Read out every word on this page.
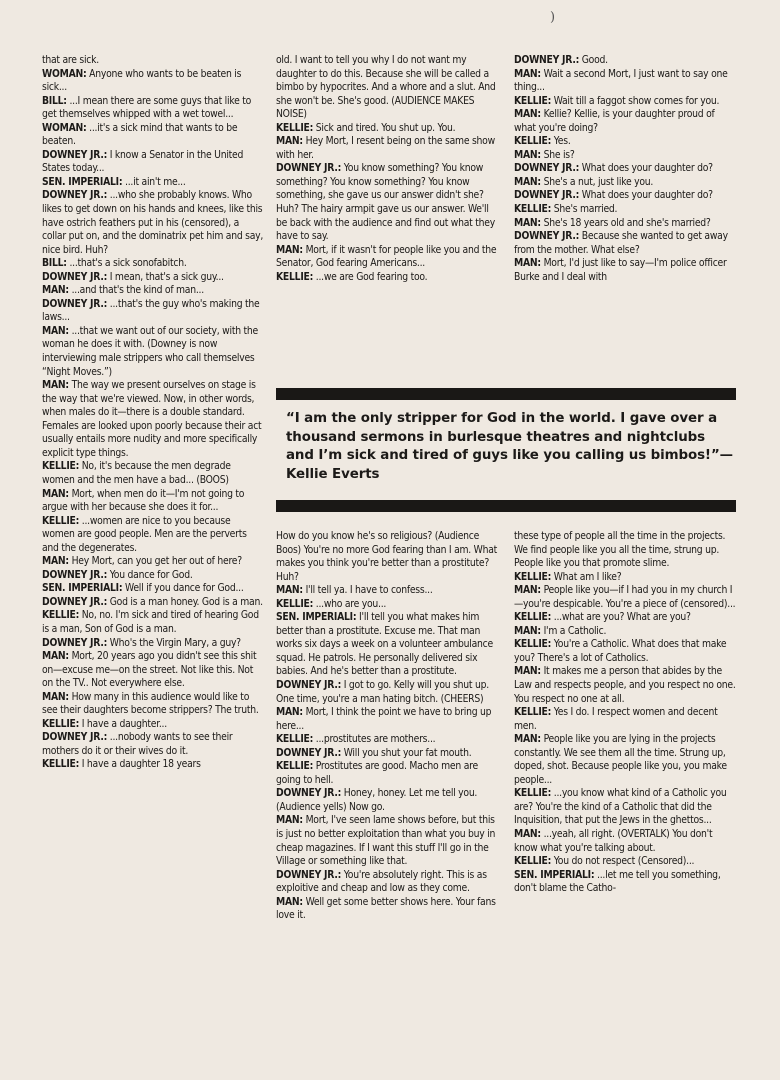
)

that are sick.

WOMAN: Anyone who wants to be beaten is sick...

BILL: ...I mean there are some guys that like to get themselves whipped with a wet towel...

WOMAN: ...it's a sick mind that wants to be beaten.

DOWNEY JR.: I know a Senator in the United States today...

SEN. IMPERIALI: ...it ain't me...

DOWNEY JR.: ...who she probably knows. Who likes to get down on his hands and knees, like this have ostrich feathers put in his (censored), a collar put on, and the dominatrix pet him and say, nice bird. Huh?

BILL: ...that's a sick sonofabitch.

DOWNEY JR.: I mean, that's a sick guy...

MAN: ...and that's the kind of man...

DOWNEY JR.: ...that's the guy who's making the laws...

MAN: ...that we want out of our society, with the woman he does it with. (Downey is now interviewing male strippers who call themselves “Night Moves.”)

MAN: The way we present ourselves on stage is the way that we're viewed. Now, in other words, when males do it—there is a double standard. Females are looked upon poorly because their act usually entails more nudity and more specifically explicit type things.

KELLIE: No, it's because the men degrade women and the men have a bad... (BOOS)

MAN: Mort, when men do it—I'm not going to argue with her because she does it for...

KELLIE: ...women are nice to you because women are good people. Men are the perverts and the degenerates.

MAN: Hey Mort, can you get her out of here?

DOWNEY JR.: You dance for God.

SEN. IMPERIALI: Well if you dance for God...

DOWNEY JR.: God is a man honey. God is a man.

KELLIE: No, no. I'm sick and tired of hearing God is a man, Son of God is a man.

DOWNEY JR.: Who's the Virgin Mary, a guy?

MAN: Mort, 20 years ago you didn't see this shit on—excuse me—on the street. Not like this. Not on the TV.. Not everywhere else.

MAN: How many in this audience would like to see their daughters become strippers? The truth.

KELLIE: I have a daughter...

DOWNEY JR.: ...nobody wants to see their mothers do it or their wives do it.

KELLIE: I have a daughter 18 years

old. I want to tell you why I do not want my daughter to do this. Because she will be called a bimbo by hypocrites. And a whore and a slut. And she won't be. She's good. (AUDIENCE MAKES NOISE)

KELLIE: Sick and tired. You shut up. You.

MAN: Hey Mort, I resent being on the same show with her.

DOWNEY JR.: You know something? You know something? You know something? You know something, she gave us our answer didn't she? Huh? The hairy armpit gave us our answer. We'll be back with the audience and find out what they have to say.

MAN: Mort, if it wasn't for people like you and the Senator, God fearing Americans...

KELLIE: ...we are God fearing too.

DOWNEY JR.: Good.

MAN: Wait a second Mort, I just want to say one thing...

KELLIE: Wait till a faggot show comes for you.

MAN: Kellie? Kellie, is your daughter proud of what you're doing?

KELLIE: Yes.

MAN: She is?

DOWNEY JR.: What does your daughter do?

MAN: She's a nut, just like you.

DOWNEY JR.: What does your daughter do?

KELLIE: She's married.

MAN: She's 18 years old and she's married?

DOWNEY JR.: Because she wanted to get away from the mother. What else?

MAN: Mort, I'd just like to say—I'm police officer Burke and I deal with

“I am the only stripper for God in the world. I gave over a thousand sermons in burlesque theatres and nightclubs and I’m sick and tired of guys like you calling us bimbos!”—Kellie Everts

How do you know he's so religious? (Audience Boos) You're no more God fearing than I am. What makes you think you're better than a prostitute? Huh?

MAN: I'll tell ya. I have to confess...

KELLIE: ...who are you...

SEN. IMPERIALI: I'll tell you what makes him better than a prostitute. Excuse me. That man works six days a week on a volunteer ambulance squad. He patrols. He personally delivered six babies. And he's better than a prostitute.

DOWNEY JR.: I got to go. Kelly will you shut up. One time, you're a man hating bitch. (CHEERS)

MAN: Mort, I think the point we have to bring up here...

KELLIE: ...prostitutes are mothers...

DOWNEY JR.: Will you shut your fat mouth.

KELLIE: Prostitutes are good. Macho men are going to hell.

DOWNEY JR.: Honey, honey. Let me tell you. (Audience yells) Now go.

MAN: Mort, I've seen lame shows before, but this is just no better exploitation than what you buy in cheap magazines. If I want this stuff I'll go in the Village or something like that.

DOWNEY JR.: You're absolutely right. This is as exploitive and cheap and low as they come.

MAN: Well get some better shows here. Your fans love it.

these type of people all the time in the projects. We find people like you all the time, strung up. People like you that promote slime.

KELLIE: What am I like?

MAN: People like you—if I had you in my church I—you're despicable. You're a piece of (censored)...

KELLIE: ...what are you? What are you?

MAN: I'm a Catholic.

KELLIE: You're a Catholic. What does that make you? There's a lot of Catholics.

MAN: It makes me a person that abides by the Law and respects people, and you respect no one. You respect no one at all.

KELLIE: Yes I do. I respect women and decent men.

MAN: People like you are lying in the projects constantly. We see them all the time. Strung up, doped, shot. Because people like you, you make people...

KELLIE: ...you know what kind of a Catholic you are? You're the kind of a Catholic that did the Inquisition, that put the Jews in the ghettos...

MAN: ...yeah, all right. (OVERTALK) You don't know what you're talking about.

KELLIE: You do not respect (Censored)...

SEN. IMPERIALI: ...let me tell you something, don't blame the Catho-
